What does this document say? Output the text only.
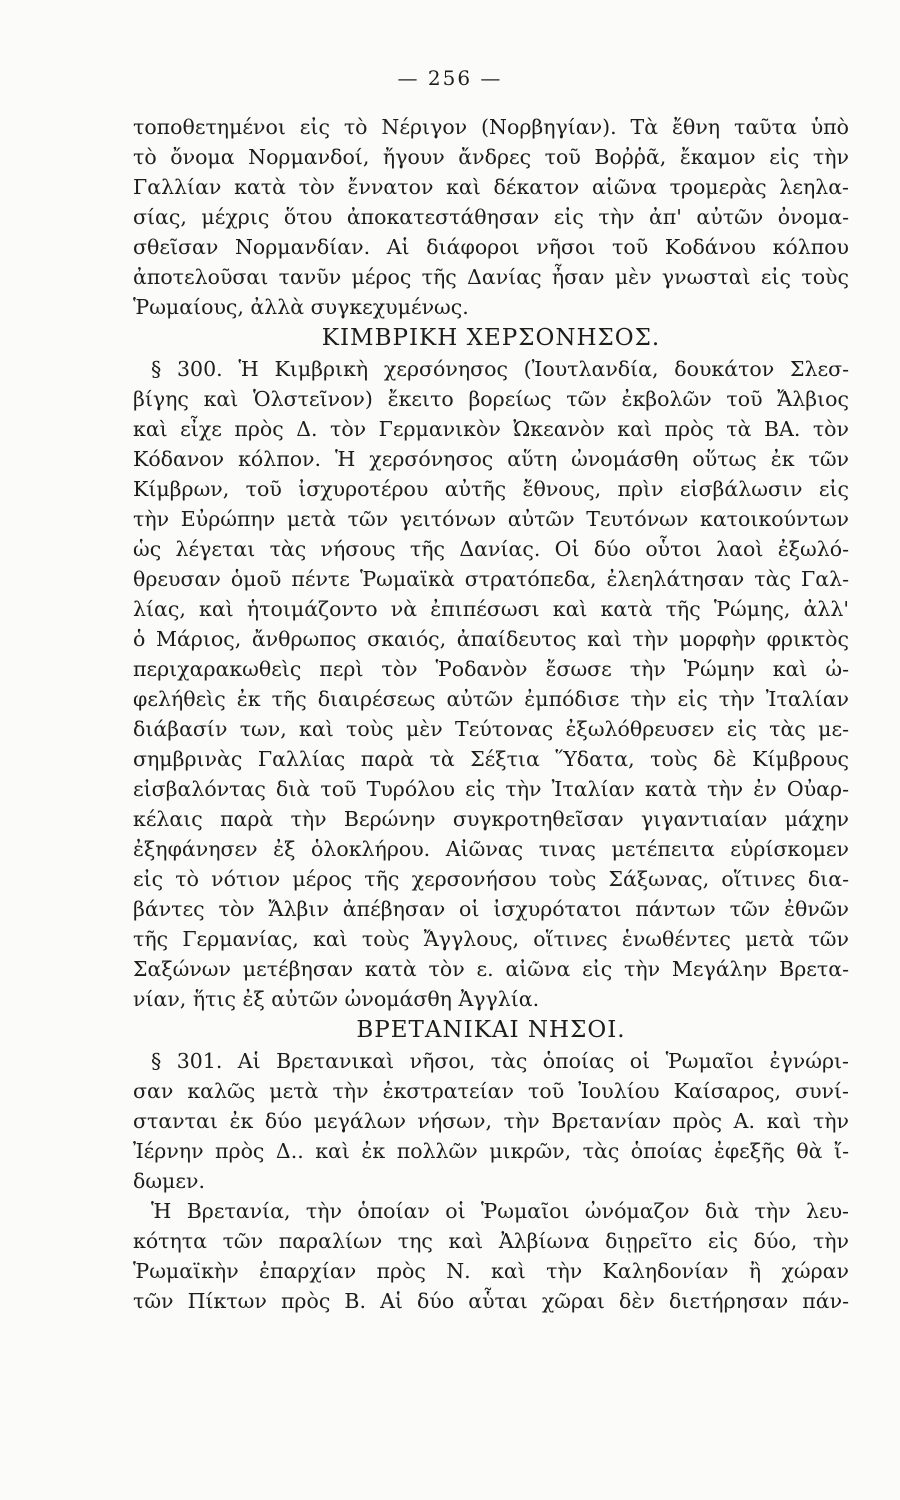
— 256 —
τοποθετημένοι εἰς τὸ Νέριγον (Νορβηγίαν). Τὰ ἔθνη ταῦτα ὑπὸ
τὸ ὄνομα Νορμανδοί, ἤγουν ἄνδρες τοῦ Βοῤῥᾶ, ἔκαμον εἰς τὴν
Γαλλίαν κατὰ τὸν ἔννατον καὶ δέκατον αἰῶνα τρομερὰς λεηλα-
σίας, μέχρις ὅτου ἀποκατεστάθησαν εἰς τὴν ἀπ' αὐτῶν ὀνομα-
σθεῖσαν Νορμανδίαν. Αἱ διάφοροι νῆσοι τοῦ Κοδάνου κόλπου
ἀποτελοῦσαι τανῦν μέρος τῆς Δανίας ἦσαν μὲν γνωσταὶ εἰς τοὺς
Ῥωμαίους, ἀλλὰ συγκεχυμένως.
ΚΙΜΒΡΙΚΗ ΧΕΡΣΟΝΗΣΟΣ.
§ 300. Ἡ Κιμβρικὴ χερσόνησος (Ἰουτλανδία, δουκάτον Σλεσ-
βίγης καὶ Ὁλστεῖνον) ἔκειτο βορείως τῶν ἐκβολῶν τοῦ Ἄλβιος
καὶ εἶχε πρὸς Δ. τὸν Γερμανικὸν Ὠκεανὸν καὶ πρὸς τὰ ΒΑ. τὸν
Κόδανον κόλπον. Ἡ χερσόνησος αὕτη ὠνομάσθη οὕτως ἐκ τῶν
Κίμβρων, τοῦ ἰσχυροτέρου αὐτῆς ἔθνους, πρὶν εἰσβάλωσιν εἰς
τὴν Εὐρώπην μετὰ τῶν γειτόνων αὐτῶν Τευτόνων κατοικούντων
ὡς λέγεται τὰς νήσους τῆς Δανίας. Οἱ δύο οὗτοι λαοὶ ἐξωλό-
θρευσαν ὁμοῦ πέντε Ῥωμαϊκὰ στρατόπεδα, ἐλεηλάτησαν τὰς Γαλ-
λίας, καὶ ἡτοιμάζοντο νὰ ἐπιπέσωσι καὶ κατὰ τῆς Ῥώμης, ἀλλ'
ὁ Μάριος, ἄνθρωπος σκαιός, ἀπαίδευτος καὶ τὴν μορφὴν φρικτὸς
περιχαρακωθεὶς περὶ τὸν Ῥοδανὸν ἔσωσε τὴν Ῥώμην καὶ ὠ-
φελήθεὶς ἐκ τῆς διαιρέσεως αὐτῶν ἐμπόδισε τὴν εἰς τὴν Ἰταλίαν
διάβασίν των, καὶ τοὺς μὲν Τεύτονας ἐξωλόθρευσεν εἰς τὰς με-
σημβρινὰς Γαλλίας παρὰ τὰ Σέξτια Ὕδατα, τοὺς δὲ Κίμβρους
εἰσβαλόντας διὰ τοῦ Τυρόλου εἰς τὴν Ἰταλίαν κατὰ τὴν ἐν Οὐαρ-
κέλαις παρὰ τὴν Βερώνην συγκροτηθεῖσαν γιγαντιαίαν μάχην
ἐξηφάνησεν ἐξ ὁλοκλήρου. Αἰῶνας τινας μετέπειτα εὑρίσκομεν
εἰς τὸ νότιον μέρος τῆς χερσονήσου τοὺς Σάξωνας, οἵτινες δια-
βάντες τὸν Ἄλβιν ἀπέβησαν οἱ ἰσχυρότατοι πάντων τῶν ἐθνῶν
τῆς Γερμανίας, καὶ τοὺς Ἄγγλους, οἵτινες ἑνωθέντες μετὰ τῶν
Σαξώνων μετέβησαν κατὰ τὸν ε. αἰῶνα εἰς τὴν Μεγάλην Βρετα-
νίαν, ἥτις ἐξ αὐτῶν ὠνομάσθη Ἀγγλία.
ΒΡΕΤΑΝΙΚΑΙ ΝΗΣΟΙ.
§ 301. Αἱ Βρετανικαὶ νῆσοι, τὰς ὁποίας οἱ Ῥωμαῖοι ἐγνώρι-
σαν καλῶς μετὰ τὴν ἐκστρατείαν τοῦ Ἰουλίου Καίσαρος, συνί-
στανται ἐκ δύο μεγάλων νήσων, τὴν Βρετανίαν πρὸς Α. καὶ τὴν
Ἰέρνην πρὸς Δ.. καὶ ἐκ πολλῶν μικρῶν, τὰς ὁποίας ἐφεξῆς θὰ ἴ-
δωμεν.
Ἡ Βρετανία, τὴν ὁποίαν οἱ Ῥωμαῖοι ὠνόμαζον διὰ τὴν λευ-
κότητα τῶν παραλίων της καὶ Ἀλβίωνα διῃρεῖτο εἰς δύο, τὴν
Ῥωμαϊκὴν ἐπαρχίαν πρὸς Ν. καὶ τὴν Καληδονίαν ἢ χώραν
τῶν Πίκτων πρὸς Β. Αἱ δύο αὗται χῶραι δὲν διετήρησαν πάν-
